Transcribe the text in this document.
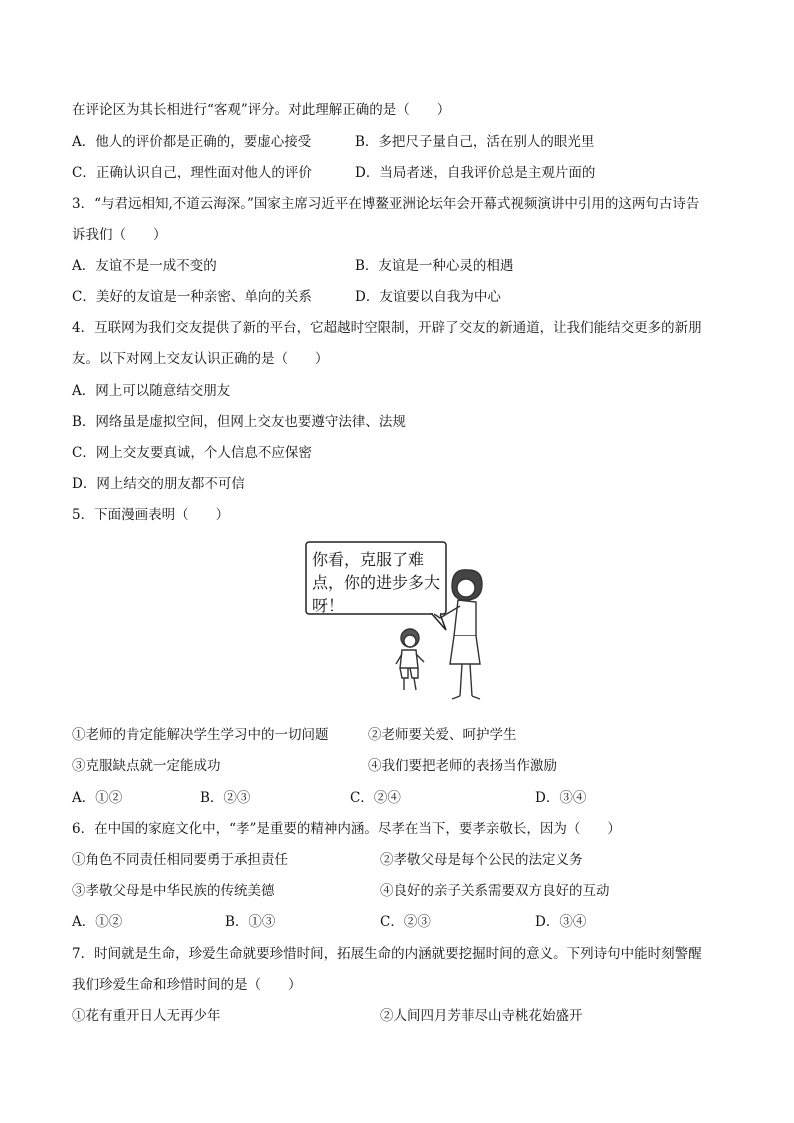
在评论区为其长相进行“客观”评分。对此理解正确的是（　　）
A．他人的评价都是正确的，要虚心接受	B．多把尺子量自己，活在别人的眼光里
C．正确认识自己，理性面对他人的评价	D．当局者迷，自我评价总是主观片面的
3．“与君远相知,不道云海深。”国家主席习近平在博鳌亚洲论坛年会开幕式视频演讲中引用的这两句古诗告
诉我们（　　）
A．友谊不是一成不变的	B．友谊是一种心灵的相遇
C．美好的友谊是一种亲密、单向的关系	D．友谊要以自我为中心
4．互联网为我们交友提供了新的平台，它超越时空限制，开辟了交友的新通道，让我们能结交更多的新朋
友。以下对网上交友认识正确的是（　　）
A．网上可以随意结交朋友
B．网络虽是虚拟空间，但网上交友也要遵守法律、法规
C．网上交友要真诚，个人信息不应保密
D．网上结交的朋友都不可信
5．下面漫画表明（　　）
你看，克服了难点，你的进步多大呀！
①老师的肯定能解决学生学习中的一切问题	②老师要关爱、呵护学生
③克服缺点就一定能成功	④我们要把老师的表扬当作激励
A．①②	B．②③	C．②④	D．③④
6．在中国的家庭文化中，“孝”是重要的精神内涵。尽孝在当下，要孝亲敬长，因为（　　）
①角色不同责任相同要勇于承担责任	②孝敬父母是每个公民的法定义务
③孝敬父母是中华民族的传统美德	④良好的亲子关系需要双方良好的互动
A．①②	B．①③	C．②③	D．③④
7．时间就是生命，珍爱生命就要珍惜时间，拓展生命的内涵就要挖掘时间的意义。下列诗句中能时刻警醒
我们珍爱生命和珍惜时间的是（　　）
①花有重开日人无再少年	②人间四月芳菲尽山寺桃花始盛开
